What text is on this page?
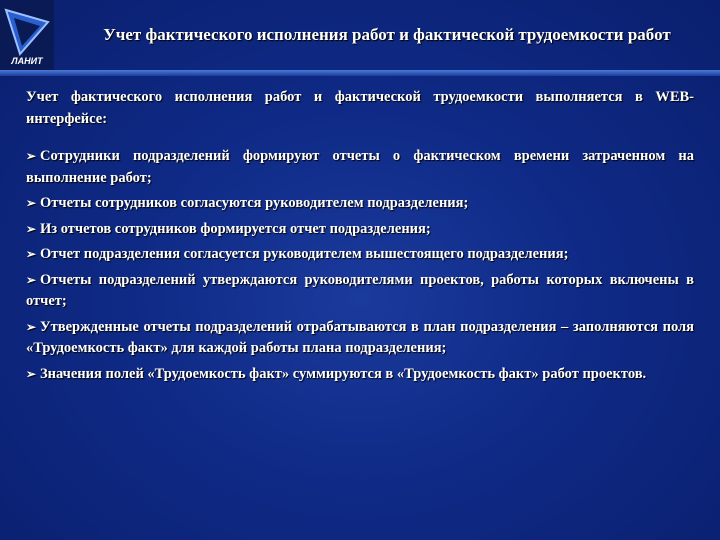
ЛАНИТ
Учет фактического исполнения работ и фактической трудоемкости работ

Учет фактического исполнения работ и фактической трудоемкости выполняется в WEB-интерфейсе:

➢ Сотрудники подразделений формируют отчеты о фактическом времени затраченном на выполнение работ;
➢ Отчеты сотрудников согласуются руководителем подразделения;
➢ Из отчетов сотрудников формируется отчет подразделения;
➢ Отчет подразделения согласуется руководителем вышестоящего подразделения;
➢ Отчеты подразделений утверждаются руководителями проектов, работы которых включены в отчет;
➢ Утвержденные отчеты подразделений отрабатываются в план подразделения – заполняются поля «Трудоемкость факт» для каждой работы плана подразделения;
➢ Значения полей «Трудоемкость факт» суммируются в «Трудоемкость факт» работ проектов.
